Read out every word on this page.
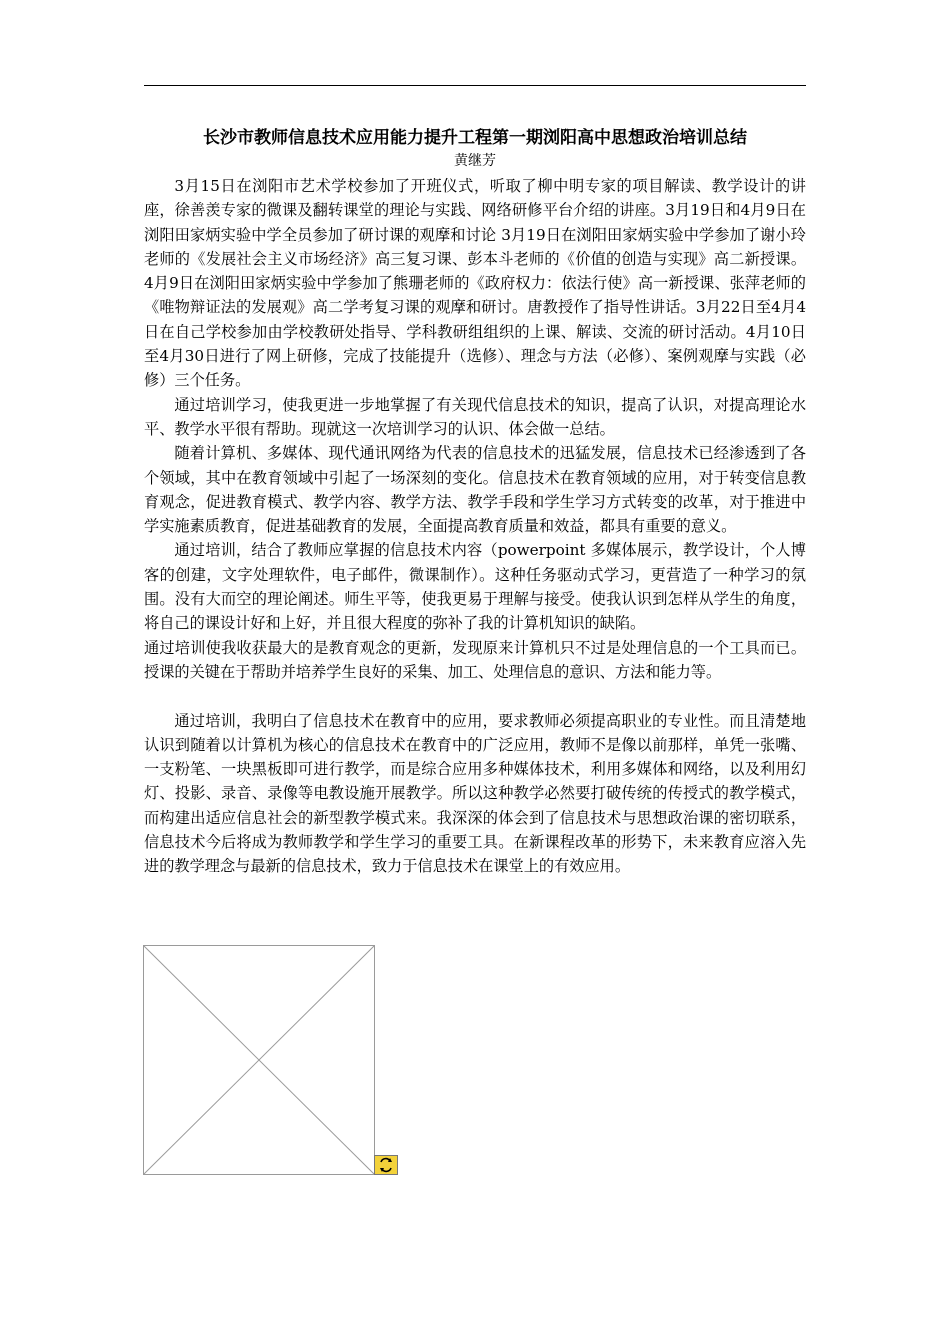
长沙市教师信息技术应用能力提升工程第一期浏阳高中思想政治培训总结
黄继芳

3月15日在浏阳市艺术学校参加了开班仪式，听取了柳中明专家的项目解读、教学设计的讲座，徐善羡专家的微课及翻转课堂的理论与实践、网络研修平台介绍的讲座。3月19日和4月9日在浏阳田家炳实验中学全员参加了研讨课的观摩和讨论 3月19日在浏阳田家炳实验中学参加了谢小玲老师的《发展社会主义市场经济》高三复习课、彭本斗老师的《价值的创造与实现》高二新授课。4月9日在浏阳田家炳实验中学参加了熊珊老师的《政府权力：依法行使》高一新授课、张萍老师的《唯物辩证法的发展观》高二学考复习课的观摩和研讨。唐教授作了指导性讲话。3月22日至4月4日在自己学校参加由学校教研处指导、学科教研组组织的上课、解读、交流的研讨活动。4月10日至4月30日进行了网上研修，完成了技能提升（选修）、理念与方法（必修）、案例观摩与实践（必修）三个任务。

通过培训学习，使我更进一步地掌握了有关现代信息技术的知识，提高了认识，对提高理论水平、教学水平很有帮助。现就这一次培训学习的认识、体会做一总结。

随着计算机、多媒体、现代通讯网络为代表的信息技术的迅猛发展，信息技术已经渗透到了各个领域，其中在教育领域中引起了一场深刻的变化。信息技术在教育领域的应用，对于转变信息教育观念，促进教育模式、教学内容、教学方法、教学手段和学生学习方式转变的改革，对于推进中学实施素质教育，促进基础教育的发展，全面提高教育质量和效益，都具有重要的意义。

通过培训，结合了教师应掌握的信息技术内容（powerpoint 多媒体展示，教学设计，个人博客的创建，文字处理软件，电子邮件，微课制作）。这种任务驱动式学习，更营造了一种学习的氛围。没有大而空的理论阐述。师生平等，使我更易于理解与接受。使我认识到怎样从学生的角度，将自己的课设计好和上好，并且很大程度的弥补了我的计算机知识的缺陷。

通过培训使我收获最大的是教育观念的更新，发现原来计算机只不过是处理信息的一个工具而已。授课的关键在于帮助并培养学生良好的采集、加工、处理信息的意识、方法和能力等。

通过培训，我明白了信息技术在教育中的应用，要求教师必须提高职业的专业性。而且清楚地认识到随着以计算机为核心的信息技术在教育中的广泛应用，教师不是像以前那样，单凭一张嘴、一支粉笔、一块黑板即可进行教学，而是综合应用多种媒体技术，利用多媒体和网络，以及利用幻灯、投影、录音、录像等电教设施开展教学。所以这种教学必然要打破传统的传授式的教学模式，而构建出适应信息社会的新型教学模式来。我深深的体会到了信息技术与思想政治课的密切联系，信息技术今后将成为教师教学和学生学习的重要工具。在新课程改革的形势下，未来教育应溶入先进的教学理念与最新的信息技术，致力于信息技术在课堂上的有效应用。
